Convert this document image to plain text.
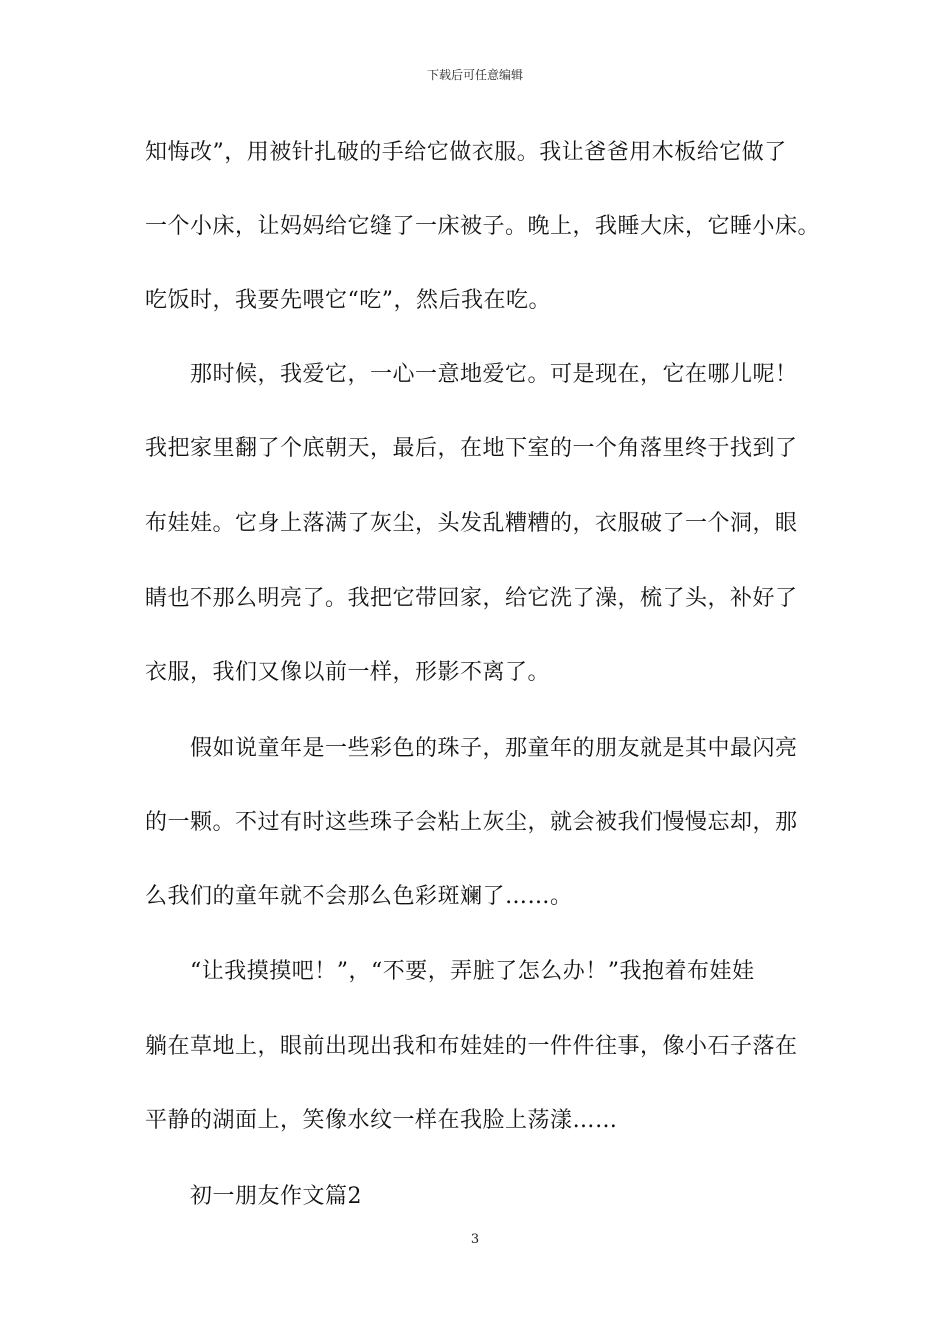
下载后可任意编辑
知悔改”，用被针扎破的手给它做衣服。我让爸爸用木板给它做了
一个小床，让妈妈给它缝了一床被子。晚上，我睡大床，它睡小床。
吃饭时，我要先喂它“吃”，然后我在吃。
那时候，我爱它，一心一意地爱它。可是现在，它在哪儿呢！
我把家里翻了个底朝天，最后，在地下室的一个角落里终于找到了
布娃娃。它身上落满了灰尘，头发乱糟糟的，衣服破了一个洞，眼
睛也不那么明亮了。我把它带回家，给它洗了澡，梳了头，补好了
衣服，我们又像以前一样，形影不离了。
假如说童年是一些彩色的珠子，那童年的朋友就是其中最闪亮
的一颗。不过有时这些珠子会粘上灰尘，就会被我们慢慢忘却，那
么我们的童年就不会那么色彩斑斓了……。
“让我摸摸吧！”，“不要，弄脏了怎么办！”我抱着布娃娃
躺在草地上，眼前出现出我和布娃娃的一件件往事，像小石子落在
平静的湖面上，笑像水纹一样在我脸上荡漾……
初一朋友作文篇2
3
